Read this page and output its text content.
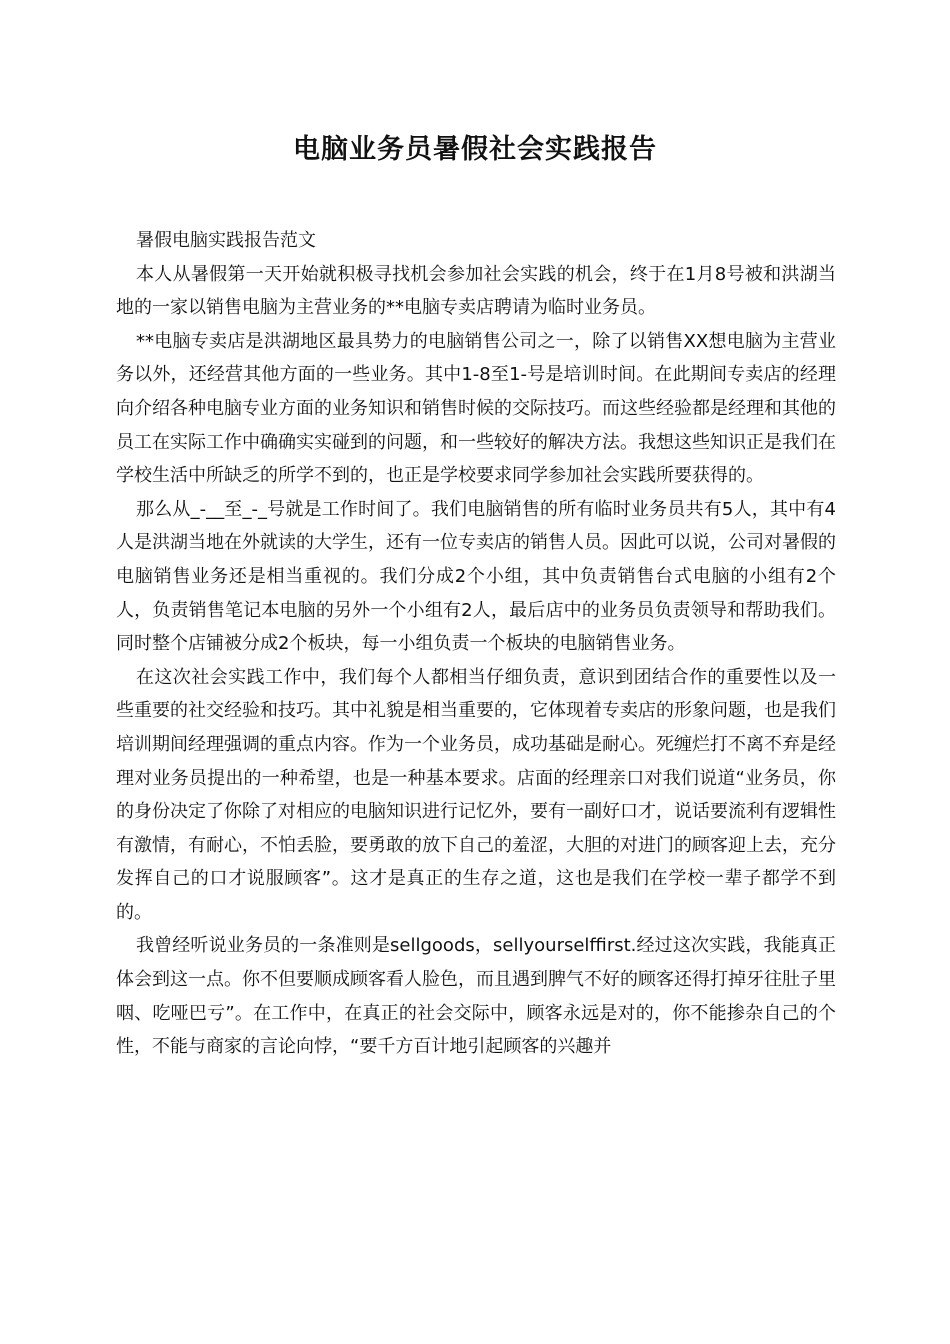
电脑业务员暑假社会实践报告

暑假电脑实践报告范文

本人从暑假第一天开始就积极寻找机会参加社会实践的机会，终于在1月8号被和洪湖当地的一家以销售电脑为主营业务的**电脑专卖店聘请为临时业务员。

**电脑专卖店是洪湖地区最具势力的电脑销售公司之一，除了以销售XX想电脑为主营业务以外，还经营其他方面的一些业务。其中1-8至1-号是培训时间。在此期间专卖店的经理向介绍各种电脑专业方面的业务知识和销售时候的交际技巧。而这些经验都是经理和其他的员工在实际工作中确确实实碰到的问题，和一些较好的解决方法。我想这些知识正是我们在学校生活中所缺乏的所学不到的，也正是学校要求同学参加社会实践所要获得的。

那么从_-__至_-_号就是工作时间了。我们电脑销售的所有临时业务员共有5人，其中有4人是洪湖当地在外就读的大学生，还有一位专卖店的销售人员。因此可以说，公司对暑假的电脑销售业务还是相当重视的。我们分成2个小组，其中负责销售台式电脑的小组有2个人，负责销售笔记本电脑的另外一个小组有2人，最后店中的业务员负责领导和帮助我们。同时整个店铺被分成2个板块，每一小组负责一个板块的电脑销售业务。

在这次社会实践工作中，我们每个人都相当仔细负责，意识到团结合作的重要性以及一些重要的社交经验和技巧。其中礼貌是相当重要的，它体现着专卖店的形象问题，也是我们培训期间经理强调的重点内容。作为一个业务员，成功基础是耐心。死缠烂打不离不弃是经理对业务员提出的一种希望，也是一种基本要求。店面的经理亲口对我们说道“业务员，你的身份决定了你除了对相应的电脑知识进行记忆外，要有一副好口才，说话要流利有逻辑性有激情，有耐心，不怕丢脸，要勇敢的放下自己的羞涩，大胆的对进门的顾客迎上去，充分发挥自己的口才说服顾客”。这才是真正的生存之道，这也是我们在学校一辈子都学不到的。

我曾经听说业务员的一条准则是sellgoods，sellyourselffirst.经过这次实践，我能真正体会到这一点。你不但要顺成顾客看人脸色，而且遇到脾气不好的顾客还得打掉牙往肚子里咽、吃哑巴亏”。在工作中，在真正的社会交际中，顾客永远是对的，你不能掺杂自己的个性，不能与商家的言论向悖，“要千方百计地引起顾客的兴趣并
